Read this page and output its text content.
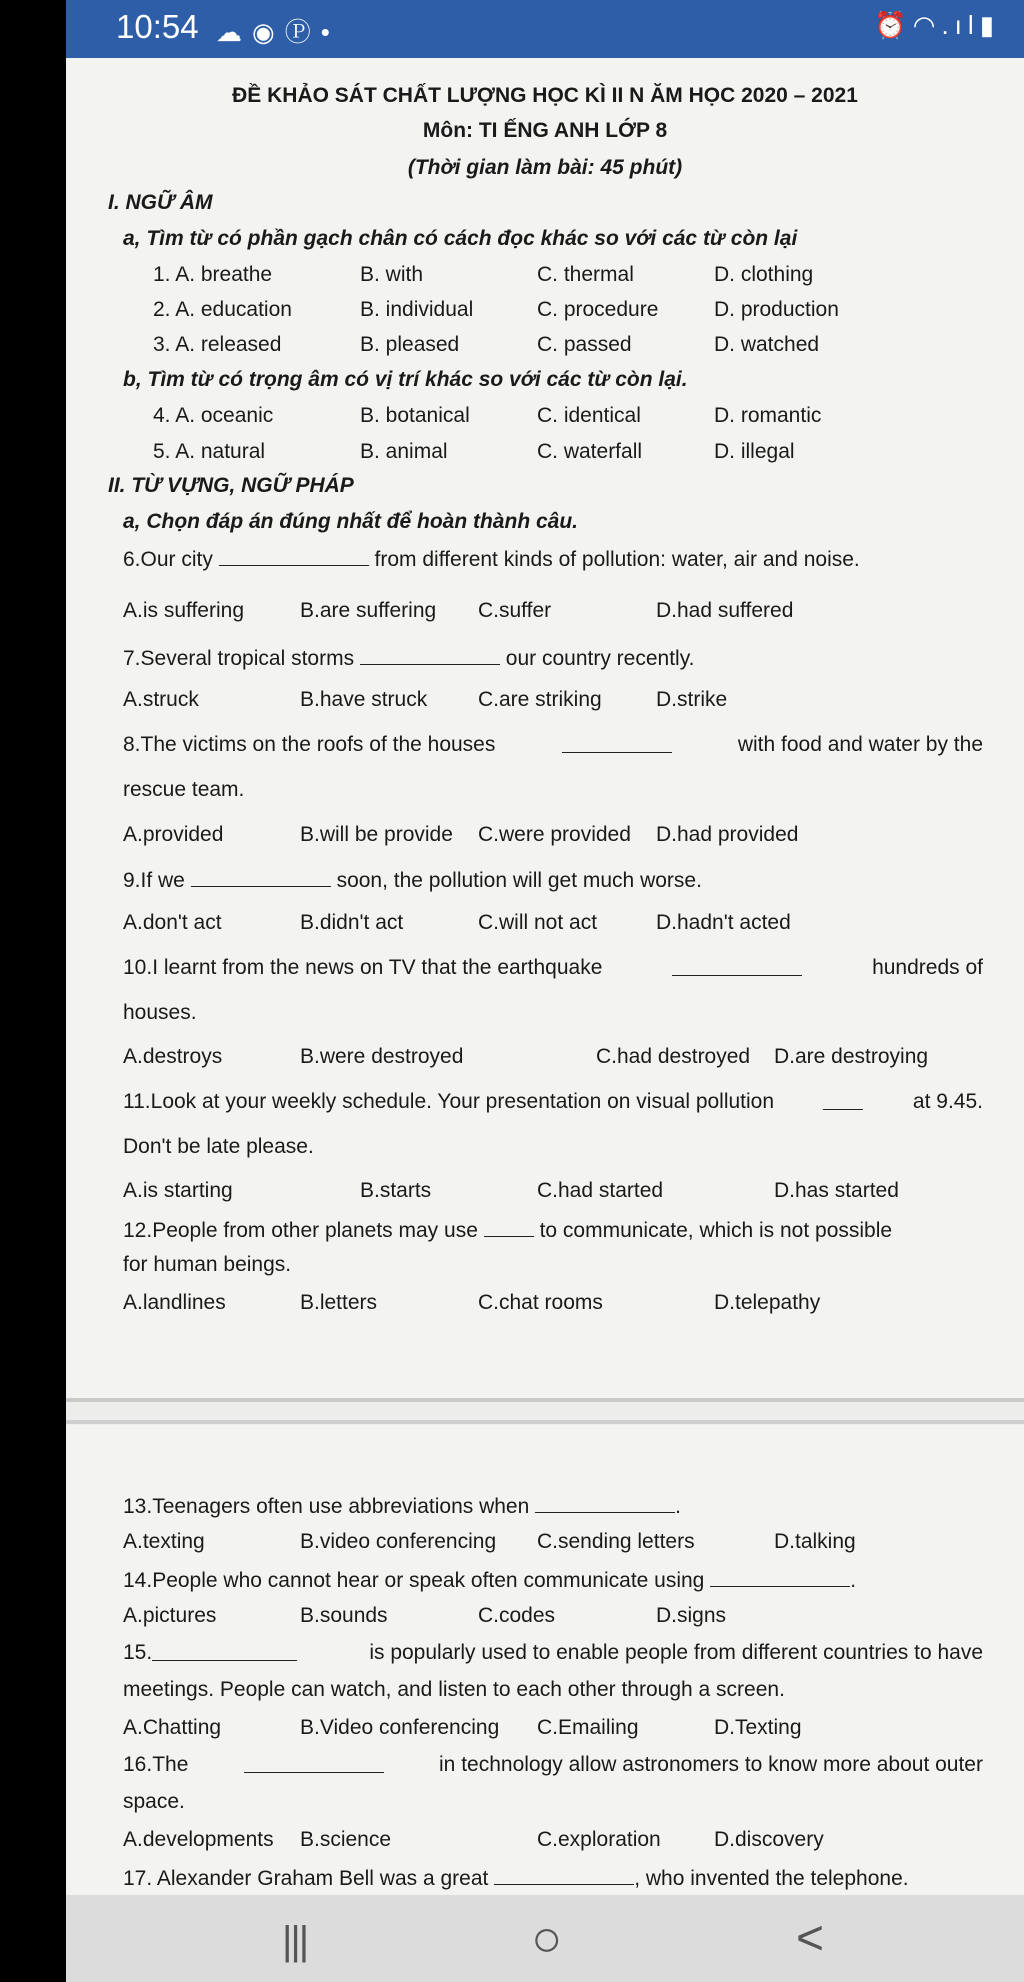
10:54 ☁◉Ⓟ•	⏰◠.ıl▮
ĐỀ KHẢO SÁT CHẤT LƯỢNG HỌC KÌ II N ĂM HỌC 2020 – 2021
Môn: TI ẾNG ANH LỚP 8
(Thời gian làm bài: 45 phút)
I. NGỮ ÂM
a, Tìm từ có phần gạch chân có cách đọc khác so với các từ còn lại
1. A. breathe	B. with	C. thermal	D. clothing
2. A. education	B. individual	C. procedure	D. production
3. A. released	B. pleased	C. passed	D. watched
b, Tìm từ có trọng âm có vị trí khác so với các từ còn lại.
4. A. oceanic	B. botanical	C. identical	D. romantic
5. A. natural	B. animal	C. waterfall	D. illegal
II. TỪ VỰNG, NGỮ PHÁP
a, Chọn đáp án đúng nhất để hoàn thành câu.
6.Our city	from different kinds of pollution: water, air and noise.
A.is suffering	B.are suffering C.suffer	D.had suffered
7.Several tropical storms	our country recently.
A.struck	B.have struck C.are striking	D.strike
8.The victims on the roofs of the houses	with food and water by the
rescue team.
A.provided	B.will be provide C.were provided D.had provided
9.If we	soon, the pollution will get much worse.
A.don't act	B.didn't act	C.will not act	D.hadn't acted
10.I learnt from the news on TV that the earthquake	hundreds of
houses.
A.destroys	B.were destroyed	C.had destroyed D.are destroying
11.Look at your weekly schedule. Your presentation on visual pollution	at 9.45.
Don't be late please.
A.is starting	B.starts	C.had started	D.has started
12.People from other planets may use	to communicate, which is not possible
for human beings.
A.landlines	B.letters	C.chat rooms	D.telepathy
13.Teenagers often use abbreviations when	.
A.texting	B.video conferencing C.sending letters	D.talking
14.People who cannot hear or speak often communicate using	.
A.pictures	B.sounds	C.codes	D.signs
15.	is popularly used to enable people from different countries to have
meetings. People can watch, and listen to each other through a screen.
A.Chatting	B.Video conferencing C.Emailing	D.Texting
16.The	in technology allow astronomers to know more about outer
space.
A.developments B.science	C.exploration	D.discovery
17. Alexander Graham Bell was a great	, who invented the telephone.
|||	○	<
